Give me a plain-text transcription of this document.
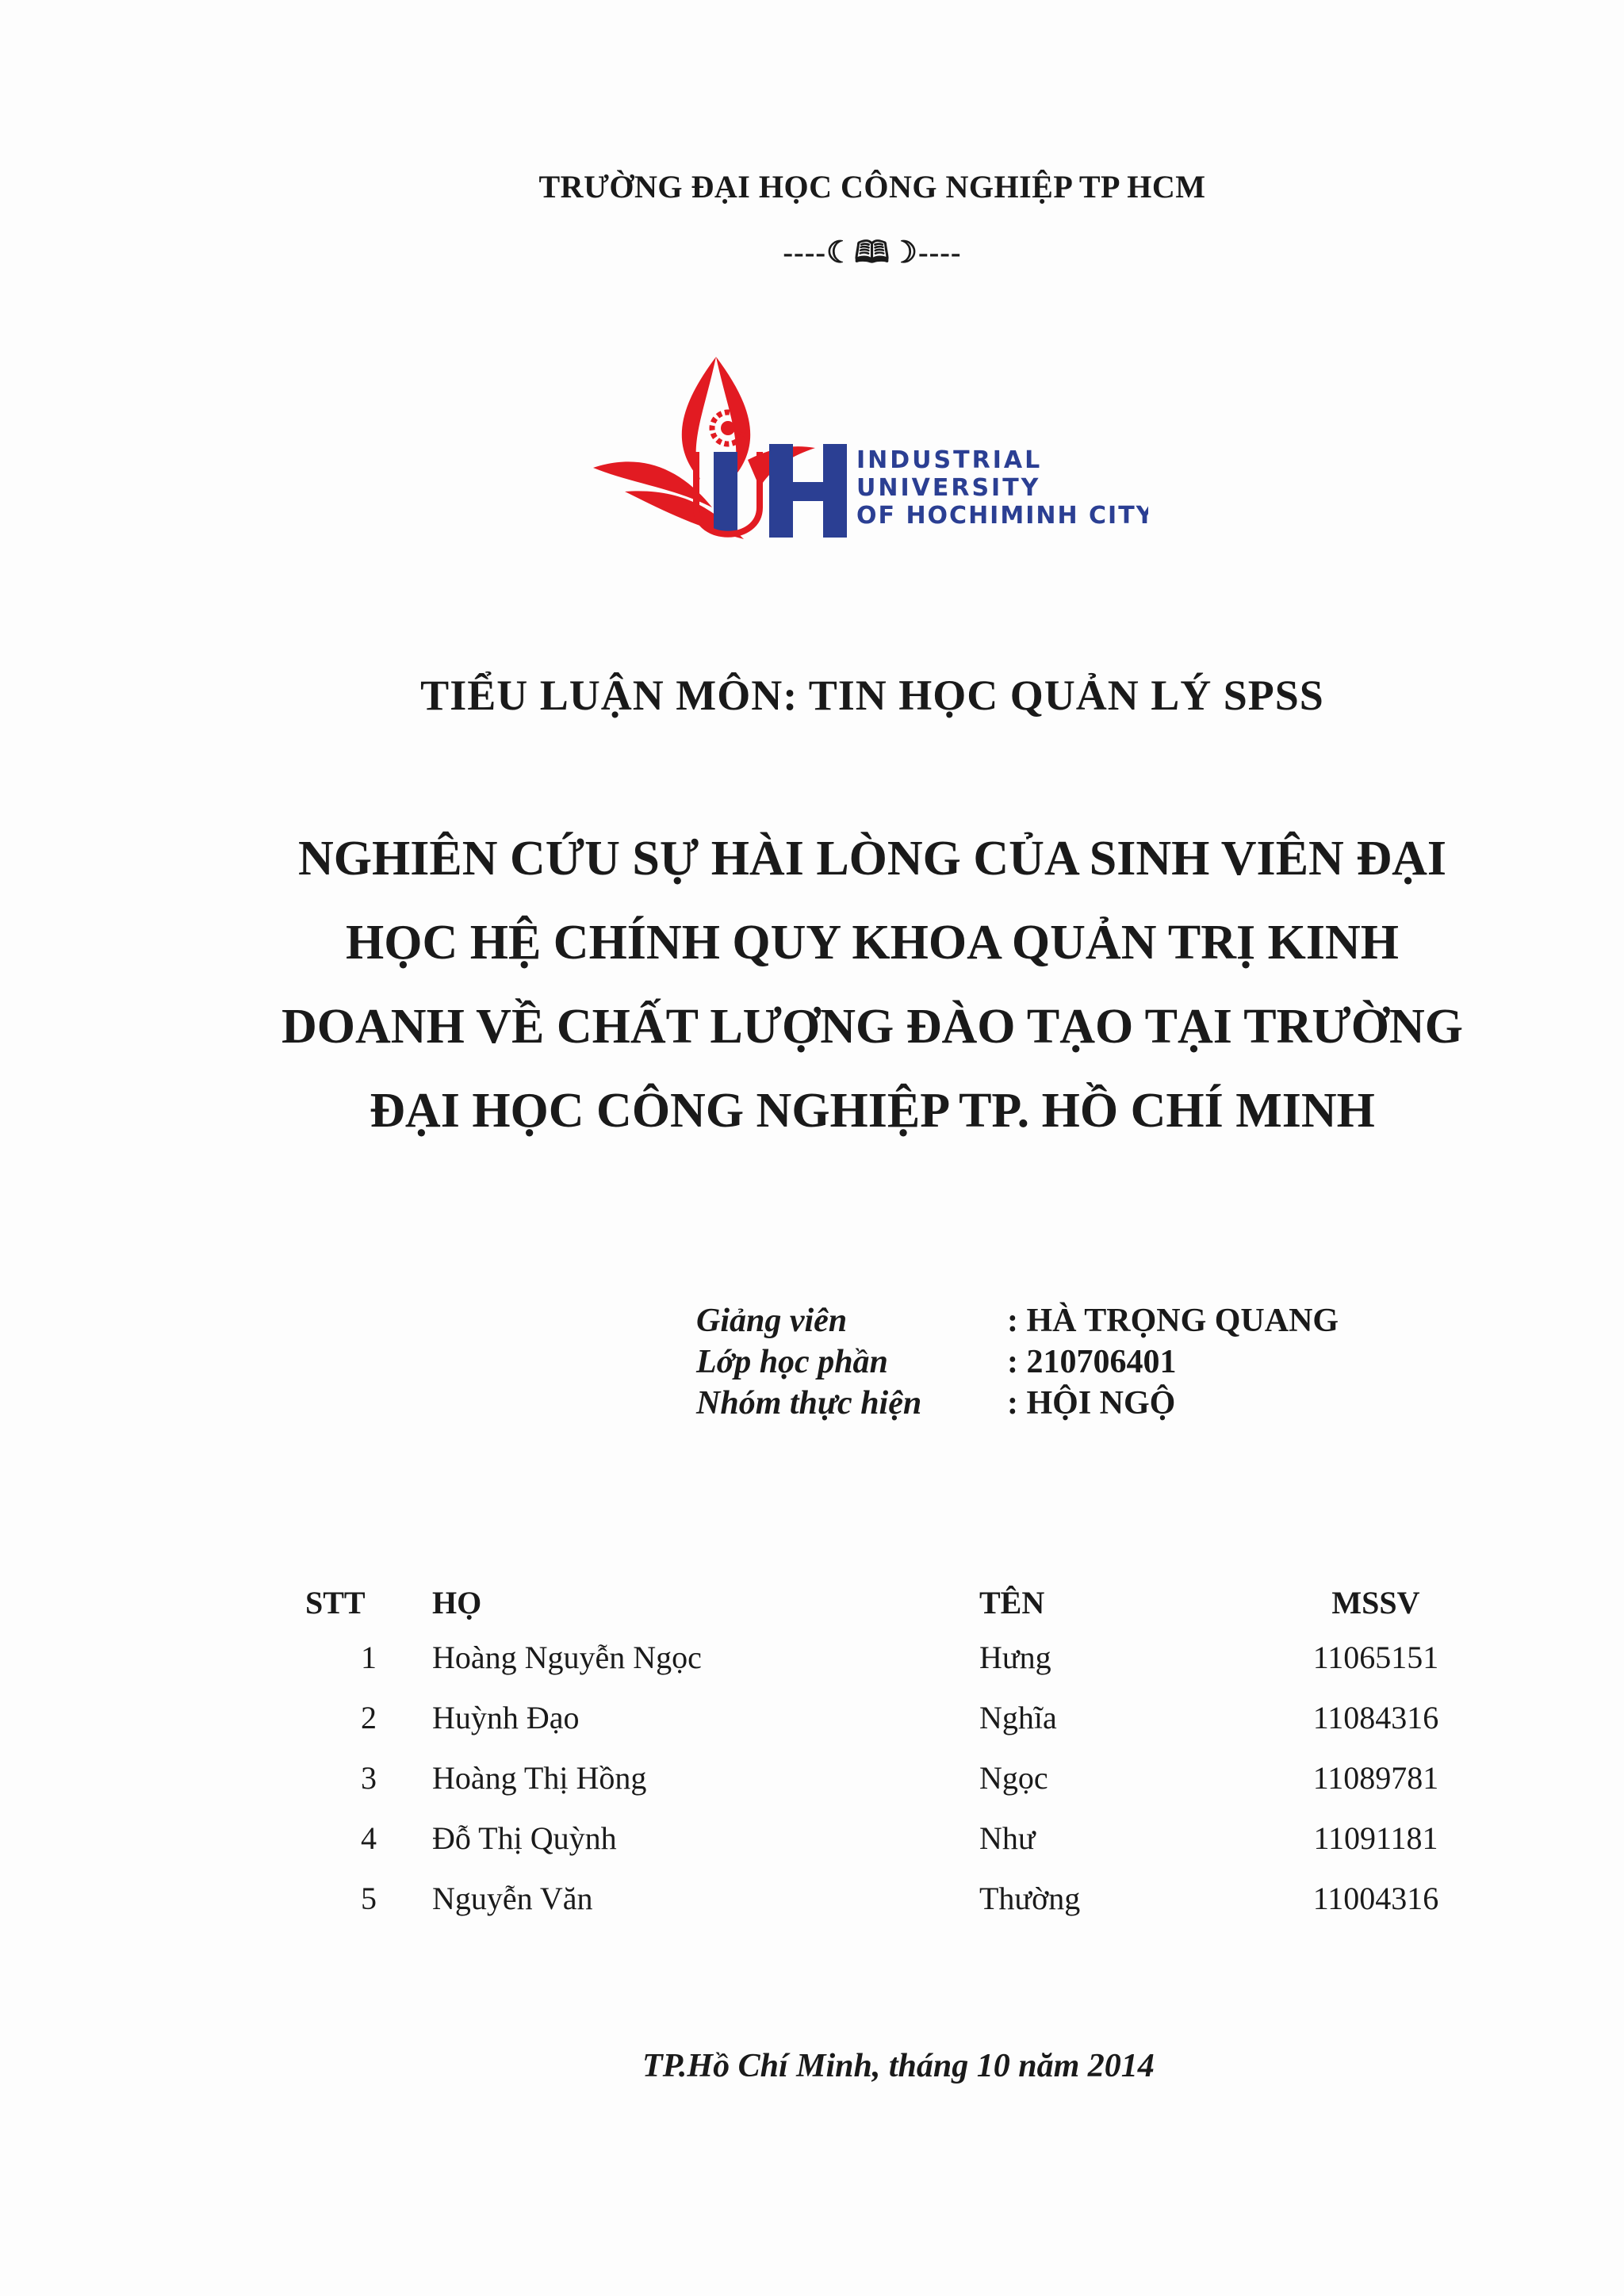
TRƯỜNG ĐẠI HỌC CÔNG NGHIỆP TP HCM
----☾🕮☽----
INDUSTRIAL
UNIVERSITY
OF HOCHIMINH CITY
TIỂU LUẬN MÔN: TIN HỌC QUẢN LÝ SPSS
NGHIÊN CỨU SỰ HÀI LÒNG CỦA SINH VIÊN ĐẠI
HỌC HỆ CHÍNH QUY KHOA QUẢN TRỊ KINH
DOANH VỀ CHẤT LƯỢNG ĐÀO TẠO TẠI TRƯỜNG
ĐẠI HỌC CÔNG NGHIỆP TP. HỒ CHÍ MINH
Giảng viên	: HÀ TRỌNG QUANG
Lớp học phần	: 210706401
Nhóm thực hiện	: HỘI NGỘ
STT	HỌ	TÊN	MSSV
1	Hoàng Nguyễn Ngọc	Hưng	11065151
2	Huỳnh Đạo	Nghĩa	11084316
3	Hoàng Thị Hồng	Ngọc	11089781
4	Đỗ Thị Quỳnh	Như	11091181
5	Nguyễn Văn	Thường	11004316
TP.Hồ Chí Minh, tháng 10 năm 2014
